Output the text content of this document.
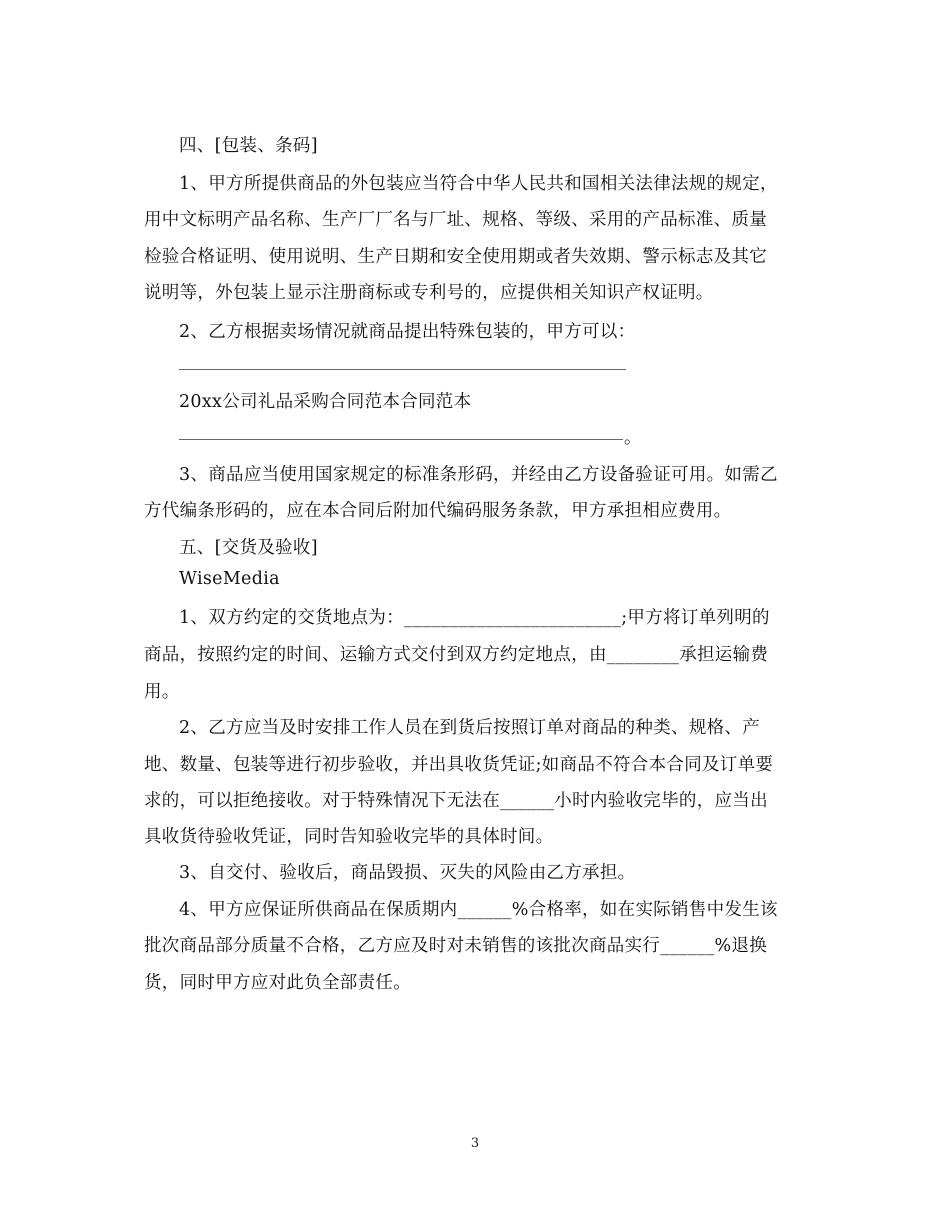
四、[包装、条码]
1、甲方所提供商品的外包装应当符合中华人民共和国相关法律法规的规定，
用中文标明产品名称、生产厂厂名与厂址、规格、等级、采用的产品标准、质量
检验合格证明、使用说明、生产日期和安全使用期或者失效期、警示标志及其它
说明等，外包装上显示注册商标或专利号的，应提供相关知识产权证明。
2、乙方根据卖场情况就商品提出特殊包装的，甲方可以：
20xx公司礼品采购合同范本合同范本
。
3、商品应当使用国家规定的标准条形码，并经由乙方设备验证可用。如需乙
方代编条形码的，应在本合同后附加代编码服务条款，甲方承担相应费用。
五、[交货及验收]
WiseMedia
1、双方约定的交货地点为：________________________;甲方将订单列明的
商品，按照约定的时间、运输方式交付到双方约定地点，由________承担运输费
用。
2、乙方应当及时安排工作人员在到货后按照订单对商品的种类、规格、产
地、数量、包装等进行初步验收，并出具收货凭证;如商品不符合本合同及订单要
求的，可以拒绝接收。对于特殊情况下无法在______小时内验收完毕的，应当出
具收货待验收凭证，同时告知验收完毕的具体时间。
3、自交付、验收后，商品毁损、灭失的风险由乙方承担。
4、甲方应保证所供商品在保质期内______%合格率，如在实际销售中发生该
批次商品部分质量不合格，乙方应及时对未销售的该批次商品实行______%退换
货，同时甲方应对此负全部责任。
3
